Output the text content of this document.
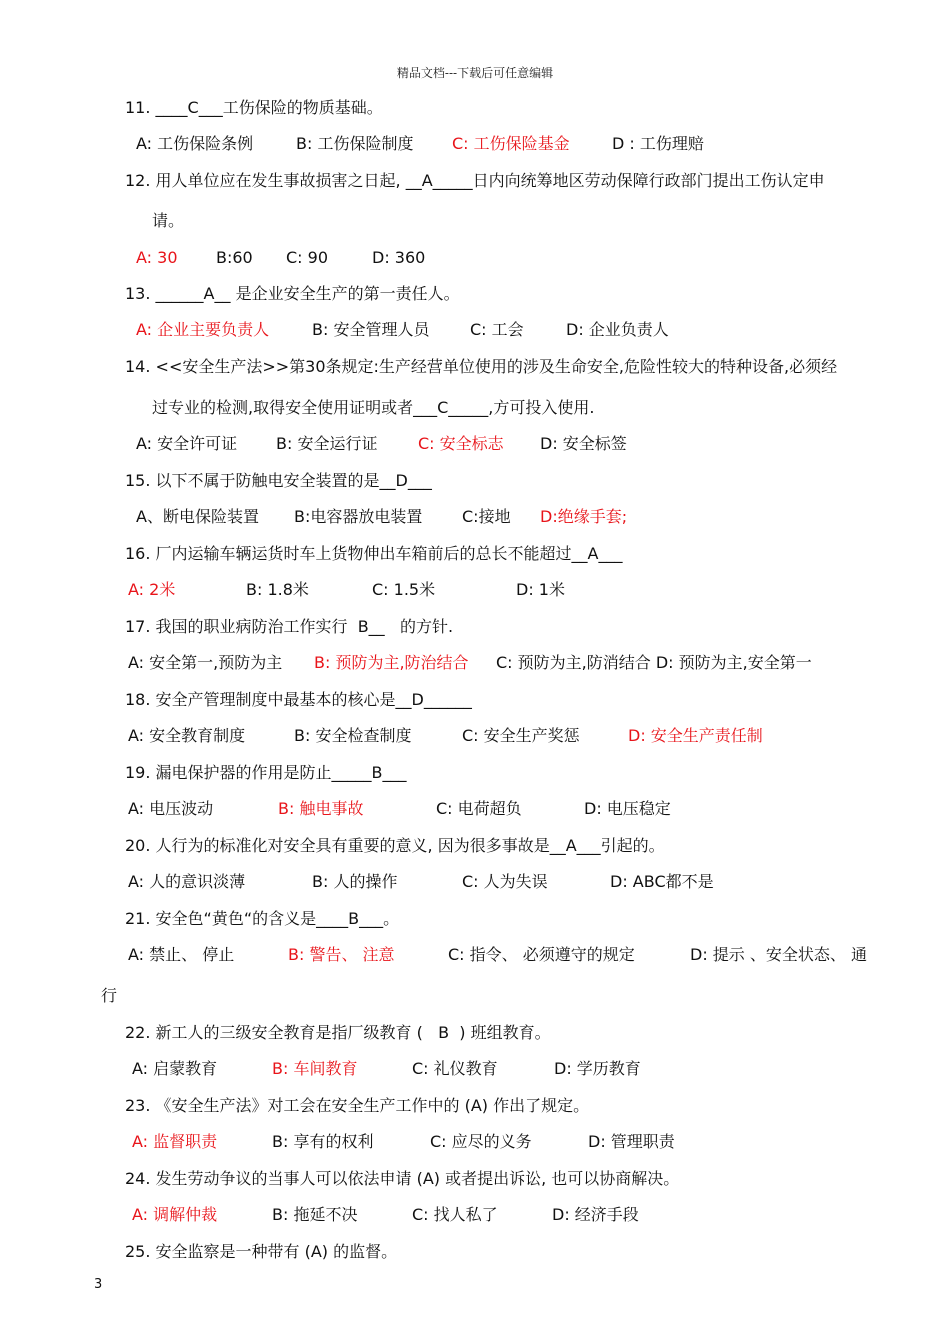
精品文档---下载后可任意编辑
11. ____C___工伤保险的物质基础。
A: 工伤保险条例	B: 工伤保险制度 C: 工伤保险基金	D : 工伤理赔
12. 用人单位应在发生事故损害之日起, __A_____日内向统筹地区劳动保障行政部门提出工伤认定申
请。
A: 30 B:60 C: 90	D: 360
13. ______A__ 是企业安全生产的第一责任人。
A: 企业主要负责人	B: 安全管理人员	C: 工会	D: 企业负责人
14. <<安全生产法>>第30条规定:生产经营单位使用的涉及生命安全,危险性较大的特种设备,必须经
过专业的检测,取得安全使用证明或者___C_____,方可投入使用.
A: 安全许可证 B: 安全运行证	C: 安全标志 D: 安全标签
15. 以下不属于防触电安全装置的是__D___
A、断电保险装置 B:电容器放电装置 C:接地 D:绝缘手套;
16. 厂内运输车辆运货时车上货物伸出车箱前后的总长不能超过__A___
A: 2米	B: 1.8米	C: 1.5米	D: 1米
17. 我国的职业病防治工作实行  B__   的方针.
A: 安全第一,预防为主 B: 预防为主,防治结合 C: 预防为主,防消结合 D: 预防为主,安全第一
18. 安全产管理制度中最基本的核心是__D______
A: 安全教育制度	B: 安全检查制度	C: 安全生产奖惩	D: 安全生产责任制
19. 漏电保护器的作用是防止_____B___
A: 电压波动	B: 触电事故	C: 电荷超负	D: 电压稳定
20. 人行为的标准化对安全具有重要的意义, 因为很多事故是__A___引起的。
A: 人的意识淡薄	B: 人的操作	C: 人为失误	D: ABC都不是
21. 安全色“黄色“的含义是____B___。
A: 禁止、 停止	B: 警告、 注意	C: 指令、 必须遵守的规定	D: 提示 、安全状态、 通
行
22. 新工人的三级安全教育是指厂级教育 (   B  ) 班组教育。
A: 启蒙教育	B: 车间教育	C: 礼仪教育	D: 学历教育
23. 《安全生产法》对工会在安全生产工作中的 (A) 作出了规定。
A: 监督职责	B: 享有的权利	C: 应尽的义务	D: 管理职责
24. 发生劳动争议的当事人可以依法申请 (A) 或者提出诉讼, 也可以协商解决。
A: 调解仲裁	B: 拖延不决	C: 找人私了	D: 经济手段
25. 安全监察是一种带有 (A) 的监督。
3
